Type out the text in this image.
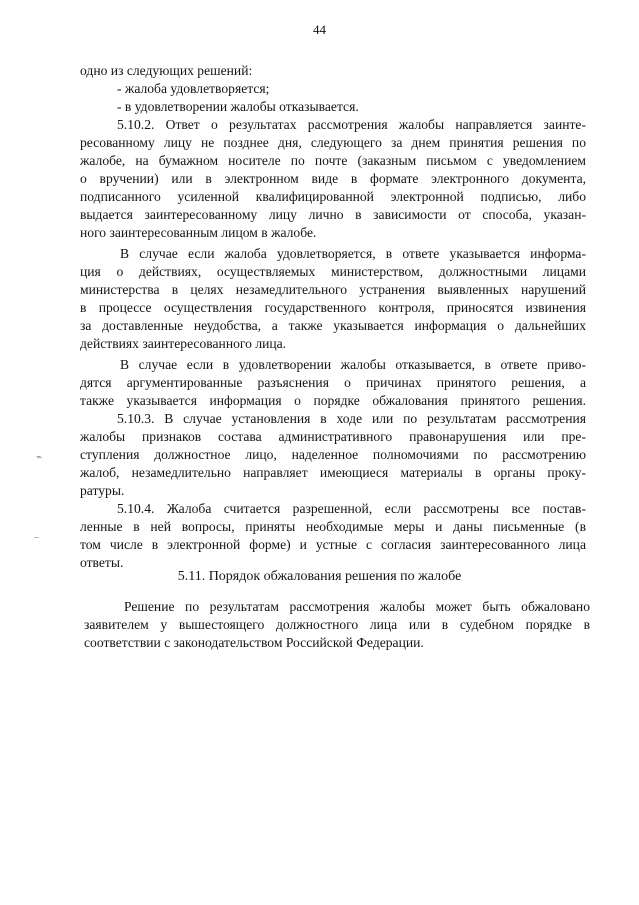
44
одно из следующих решений:
- жалоба удовлетворяется;
- в удовлетворении жалобы отказывается.
5.10.2. Ответ о результатах рассмотрения жалобы направляется заинте-
ресованному лицу не позднее дня, следующего за днем принятия решения по
жалобе, на бумажном носителе по почте (заказным письмом с уведомлением
о вручении) или в электронном виде в формате электронного документа,
подписанного усиленной квалифицированной электронной подписью, либо
выдается заинтересованному лицу лично в зависимости от способа, указан-
ного заинтересованным лицом в жалобе.
В случае если жалоба удовлетворяется, в ответе указывается информа-
ция о действиях, осуществляемых министерством, должностными лицами
министерства в целях незамедлительного устранения выявленных нарушений
в процессе осуществления государственного контроля, приносятся извинения
за доставленные неудобства, а также указывается информация о дальнейших
действиях заинтересованного лица.
В случае если в удовлетворении жалобы отказывается, в ответе приво-
дятся аргументированные разъяснения о причинах принятого решения, а
также указывается информация о порядке обжалования принятого решения.
5.10.3. В случае установления в ходе или по результатам рассмотрения
жалобы признаков состава административного правонарушения или пре-
ступления должностное лицо, наделенное полномочиями по рассмотрению
жалоб, незамедлительно направляет имеющиеся материалы в органы проку-
ратуры.
5.10.4. Жалоба считается разрешенной, если рассмотрены все постав-
ленные в ней вопросы, приняты необходимые меры и даны письменные (в
том числе в электронной форме) и устные с согласия заинтересованного лица
ответы.
5.11. Порядок обжалования решения по жалобе
Решение по результатам рассмотрения жалобы может быть обжаловано
заявителем у вышестоящего должностного лица или в судебном порядке в
соответствии с законодательством Российской Федерации.
⌁
–
